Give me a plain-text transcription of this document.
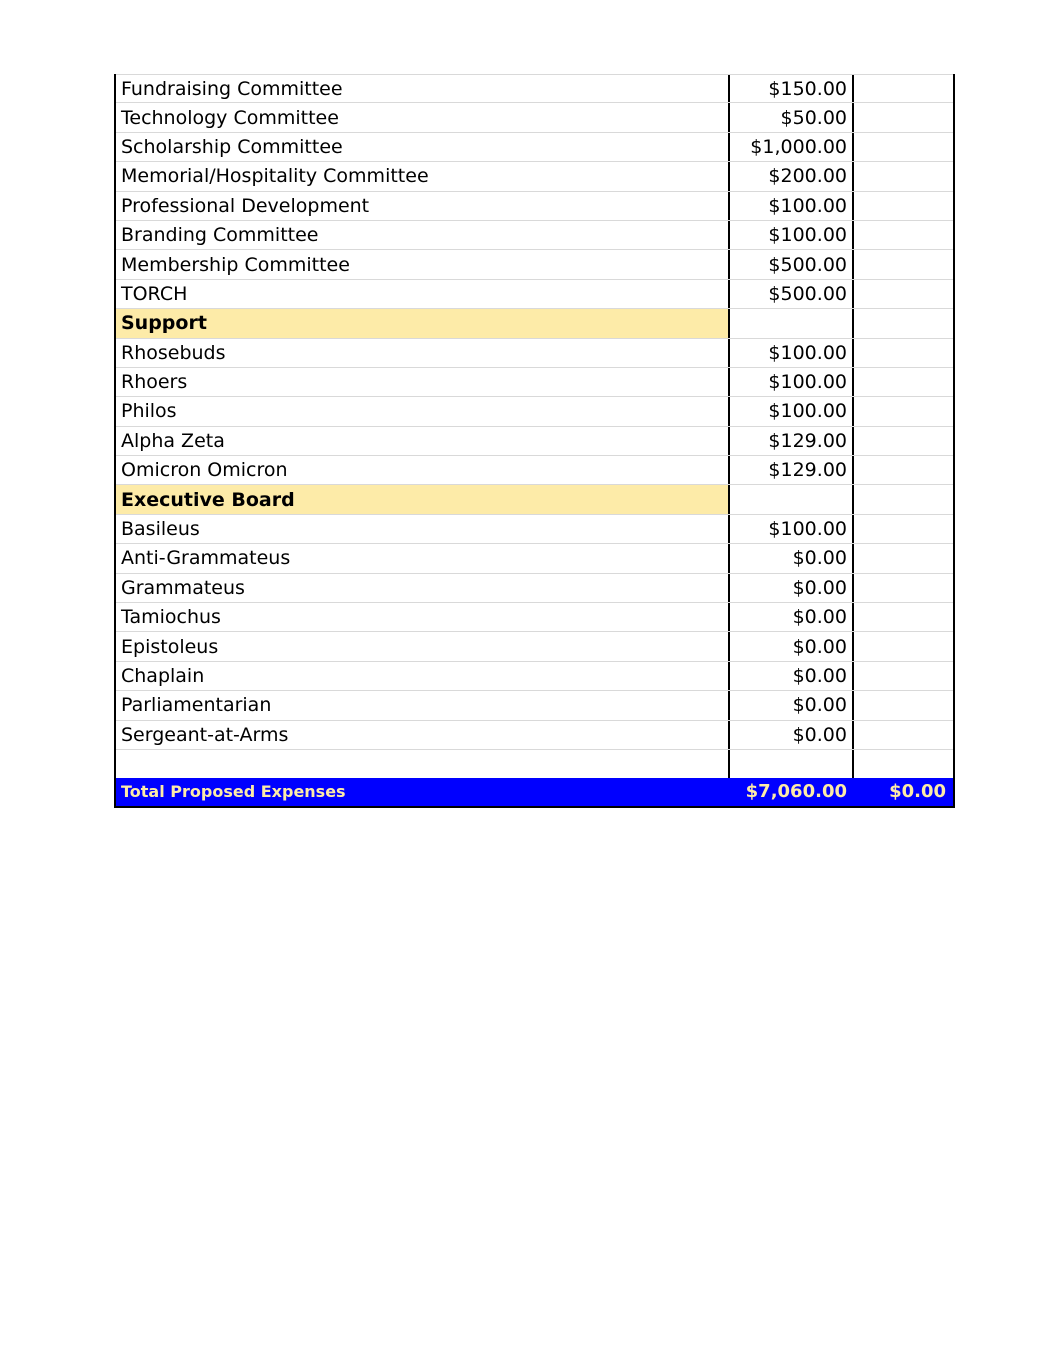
Fundraising Committee	$150.00
Technology Committee	$50.00
Scholarship Committee	$1,000.00
Memorial/Hospitality Committee	$200.00
Professional Development	$100.00
Branding Committee	$100.00
Membership Committee	$500.00
TORCH	$500.00
Support
Rhosebuds	$100.00
Rhoers	$100.00
Philos	$100.00
Alpha Zeta	$129.00
Omicron Omicron	$129.00
Executive Board
Basileus	$100.00
Anti-Grammateus	$0.00
Grammateus	$0.00
Tamiochus	$0.00
Epistoleus	$0.00
Chaplain	$0.00
Parliamentarian	$0.00
Sergeant-at-Arms	$0.00
Total Proposed Expenses	$7,060.00	$0.00
